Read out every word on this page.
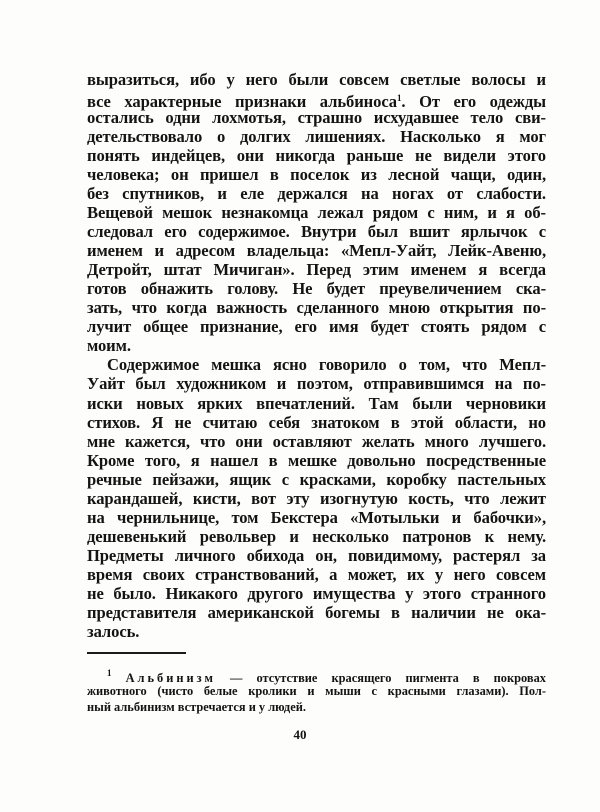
выразиться, ибо у него были совсем светлые волосы и
все характерные признаки альбиноса$^1$. От его одежды
остались одни лохмотья, страшно исхудавшее тело сви-
детельствовало о долгих лишениях. Насколько я мог
понять индейцев, они никогда раньше не видели этого
человека; он пришел в поселок из лесной чащи, один,
без спутников, и еле держался на ногах от слабости.
Вещевой мешок незнакомца лежал рядом с ним, и я об-
следовал его содержимое. Внутри был вшит ярлычок с
именем и адресом владельца: «Мепл-Уайт, Лейк-Авеню,
Детройт, штат Мичиган». Перед этим именем я всегда
готов обнажить голову. Не будет преувеличением ска-
зать, что когда важность сделанного мною открытия по-
лучит общее признание, его имя будет стоять рядом с
моим.
Содержимое мешка ясно говорило о том, что Мепл-
Уайт был художником и поэтом, отправившимся на по-
иски новых ярких впечатлений. Там были черновики
стихов. Я не считаю себя знатоком в этой области, но
мне кажется, что они оставляют желать много лучшего.
Кроме того, я нашел в мешке довольно посредственные
речные пейзажи, ящик с красками, коробку пастельных
карандашей, кисти, вот эту изогнутую кость, что лежит
на чернильнице, том Бекстера «Мотыльки и бабочки»,
дешевенький револьвер и несколько патронов к нему.
Предметы личного обихода он, повидимому, растерял за
время своих странствований, а может, их у него совсем
не было. Никакого другого имущества у этого странного
представителя американской богемы в наличии не ока-
залось.
$^1$ Альбинизм — отсутствие красящего пигмента в покровах
животного (чисто белые кролики и мыши с красными глазами). Пол-
ный альбинизм встречается и у людей.
40
